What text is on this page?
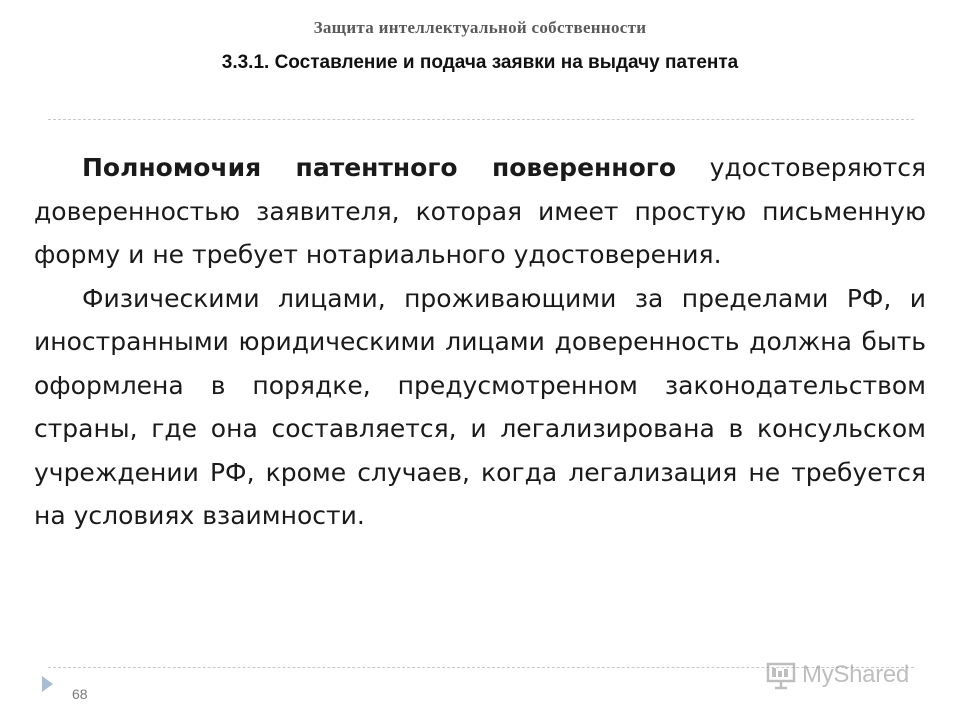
Защита интеллектуальной собственности
3.3.1. Составление и подача заявки на выдачу патента

Полномочия патентного поверенного удостоверяются доверенностью заявителя, которая имеет простую письменную форму и не требует нотариального удостоверения.

Физическими лицами, проживающими за пределами РФ, и иностранными юридическими лицами доверенность должна быть оформлена в порядке, предусмотренном законодательством страны, где она составляется, и легализирована в консульском учреждении РФ, кроме случаев, когда легализация не требуется на условиях взаимности.

68
MyShared
